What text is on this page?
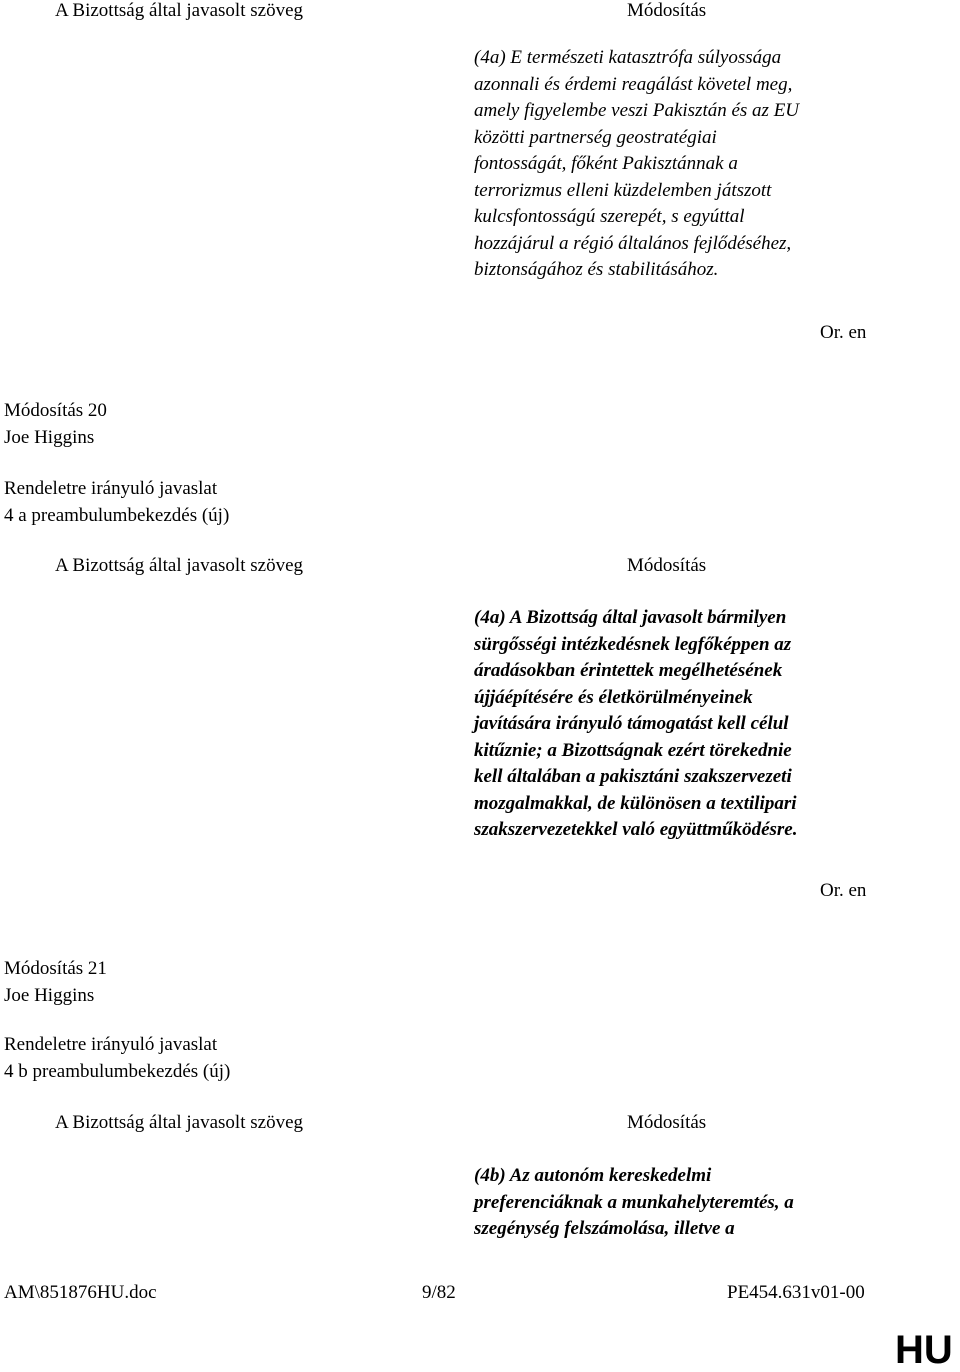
A Bizottság által javasolt szöveg	Módosítás
(4a) E természeti katasztrófa súlyossága
azonnali és érdemi reagálást követel meg,
amely figyelembe veszi Pakisztán és az EU
közötti partnerség geostratégiai
fontosságát, főként Pakisztánnak a
terrorizmus elleni küzdelemben játszott
kulcsfontosságú szerepét, s egyúttal
hozzájárul a régió általános fejlődéséhez,
biztonságához és stabilitásához.
Or. en
Módosítás 20
Joe Higgins
Rendeletre irányuló javaslat
4 a preambulumbekezdés (új)
A Bizottság által javasolt szöveg	Módosítás
(4a) A Bizottság által javasolt bármilyen
sürgősségi intézkedésnek legfőképpen az
áradásokban érintettek megélhetésének
újjáépítésére és életkörülményeinek
javítására irányuló támogatást kell célul
kitűznie; a Bizottságnak ezért törekednie
kell általában a pakisztáni szakszervezeti
mozgalmakkal, de különösen a textilipari
szakszervezetekkel való együttműködésre.
Or. en
Módosítás 21
Joe Higgins
Rendeletre irányuló javaslat
4 b preambulumbekezdés (új)
A Bizottság által javasolt szöveg	Módosítás
(4b) Az autonóm kereskedelmi
preferenciáknak a munkahelyteremtés, a
szegénység felszámolása, illetve a
AM\851876HU.doc	9/82	PE454.631v01-00
HU
